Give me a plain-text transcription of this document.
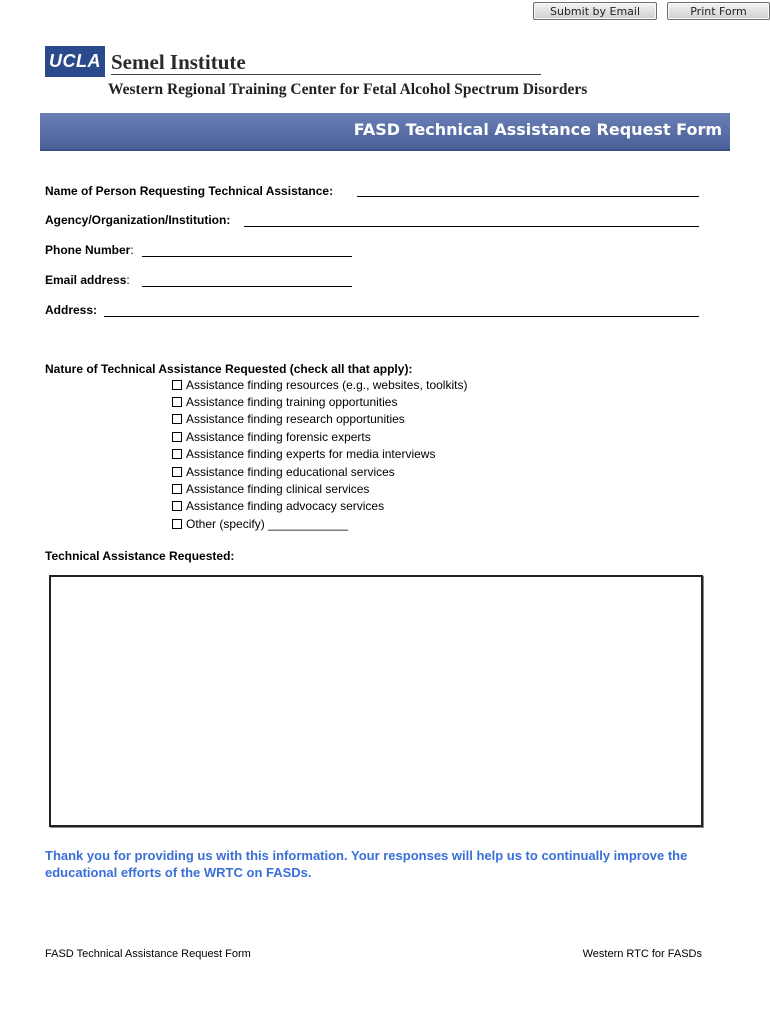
Submit by Email	Print Form
UCLA Semel Institute
Western Regional Training Center for Fetal Alcohol Spectrum Disorders
FASD Technical Assistance Request Form
Name of Person Requesting Technical Assistance:
Agency/Organization/Institution:
Phone Number:
Email address:
Address:
Nature of Technical Assistance Requested (check all that apply):
Assistance finding resources (e.g., websites, toolkits)
Assistance finding training opportunities
Assistance finding research opportunities
Assistance finding forensic experts
Assistance finding experts for media interviews
Assistance finding educational services
Assistance finding clinical services
Assistance finding advocacy services
Other (specify) ____________
Technical Assistance Requested:
Thank you for providing us with this information. Your responses will help us to continually improve the educational efforts of the WRTC on FASDs.
FASD Technical Assistance Request Form	Western RTC for FASDs
